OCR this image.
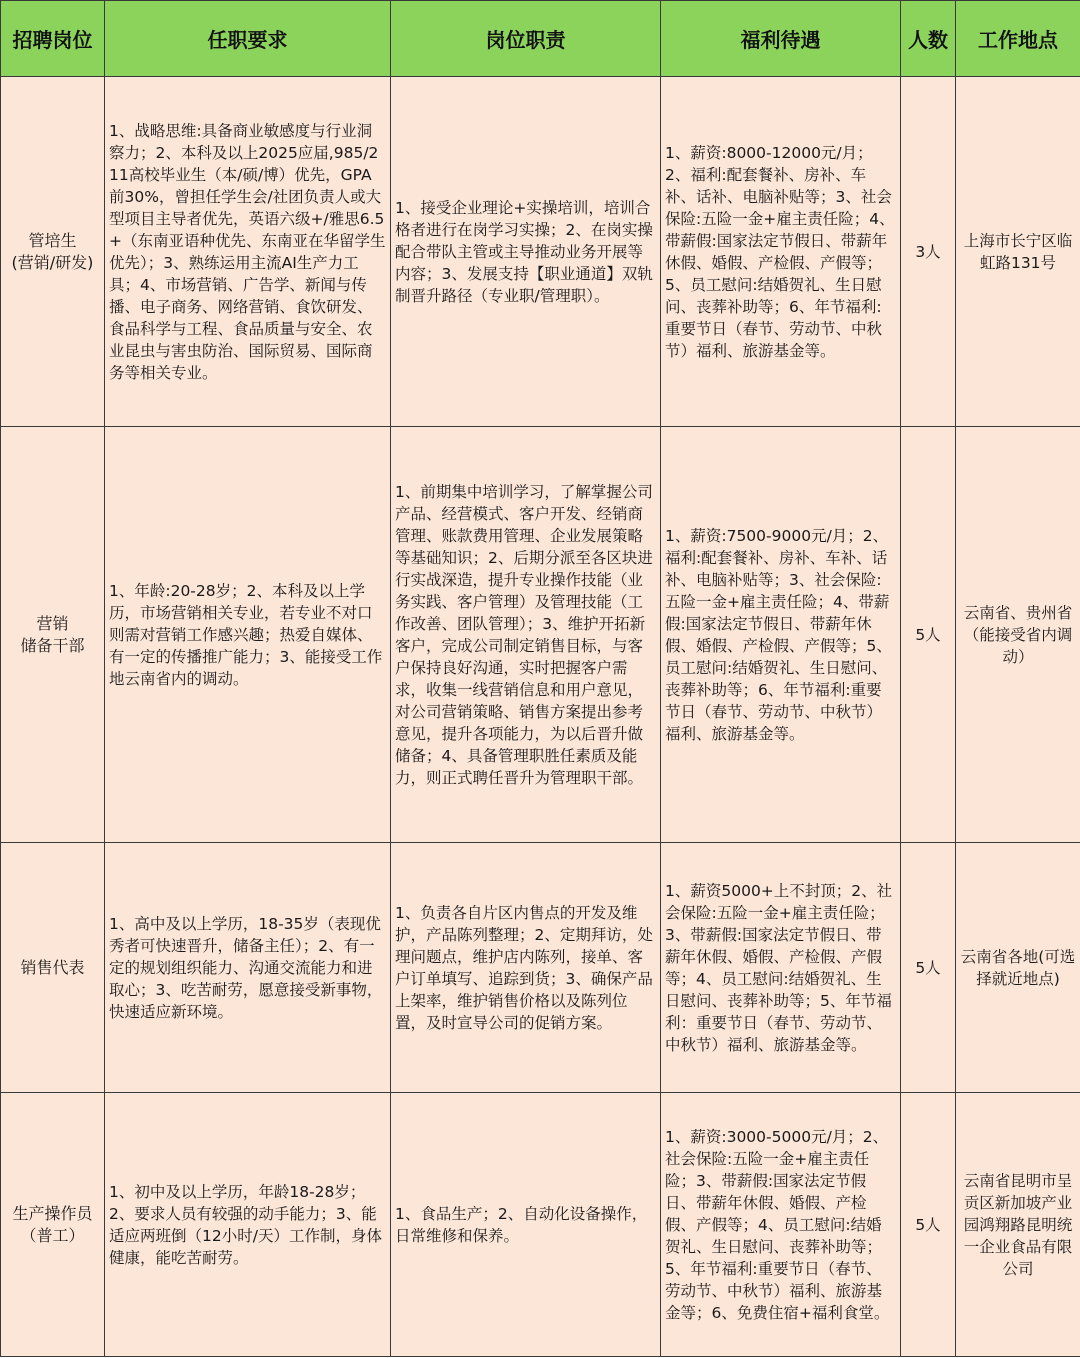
招聘岗位	任职要求	岗位职责	福利待遇	人数	工作地点

管培生
(营销/研发)	1、战略思维:具备商业敏感度与行业洞察力；2、本科及以上2025应届,985/211高校毕业生（本/硕/博）优先，GPA前30%，曾担任学生会/社团负责人或大型项目主导者优先，英语六级+/雅思6.5+（东南亚语种优先、东南亚在华留学生优先）；3、熟练运用主流AI生产力工具；4、市场营销、广告学、新闻与传播、电子商务、网络营销、食饮研发、食品科学与工程、食品质量与安全、农业昆虫与害虫防治、国际贸易、国际商务等相关专业。	1、接受企业理论+实操培训，培训合格者进行在岗学习实操；2、在岗实操配合带队主管或主导推动业务开展等内容；3、发展支持【职业通道】双轨制晋升路径（专业职/管理职）。	1、薪资:8000-12000元/月；2、福利:配套餐补、房补、车补、话补、电脑补贴等；3、社会保险:五险一金+雇主责任险；4、带薪假:国家法定节假日、带薪年休假、婚假、产检假、产假等；5、员工慰问:结婚贺礼、生日慰问、丧葬补助等；6、年节福利:重要节日（春节、劳动节、中秋节）福利、旅游基金等。	3人	上海市长宁区临虹路131号

营销
储备干部	1、年龄:20-28岁；2、本科及以上学历，市场营销相关专业，若专业不对口则需对营销工作感兴趣；热爱自媒体、有一定的传播推广能力；3、能接受工作地云南省内的调动。	1、前期集中培训学习，了解掌握公司产品、经营模式、客户开发、经销商管理、账款费用管理、企业发展策略等基础知识；2、后期分派至各区块进行实战深造，提升专业操作技能（业务实践、客户管理）及管理技能（工作改善、团队管理）；3、维护开拓新客户，完成公司制定销售目标，与客户保持良好沟通，实时把握客户需求，收集一线营销信息和用户意见，对公司营销策略、销售方案提出参考意见，提升各项能力，为以后晋升做储备；4、具备管理职胜任素质及能力，则正式聘任晋升为管理职干部。	1、薪资:7500-9000元/月；2、福利:配套餐补、房补、车补、话补、电脑补贴等；3、社会保险:五险一金+雇主责任险；4、带薪假:国家法定节假日、带薪年休假、婚假、产检假、产假等；5、员工慰问:结婚贺礼、生日慰问、丧葬补助等；6、年节福利:重要节日（春节、劳动节、中秋节）福利、旅游基金等。	5人	云南省、贵州省（能接受省内调动）

销售代表	1、高中及以上学历，18-35岁（表现优秀者可快速晋升，储备主任）；2、有一定的规划组织能力、沟通交流能力和进取心；3、吃苦耐劳，愿意接受新事物，快速适应新环境。	1、负责各自片区内售点的开发及维护，产品陈列整理；2、定期拜访，处理问题点，维护店内陈列，接单、客户订单填写、追踪到货；3、确保产品上架率，维护销售价格以及陈列位置，及时宣导公司的促销方案。	1、薪资5000+上不封顶；2、社会保险:五险一金+雇主责任险；3、带薪假:国家法定节假日、带薪年休假、婚假、产检假、产假等；4、员工慰问:结婚贺礼、生日慰问、丧葬补助等；5、年节福利：重要节日（春节、劳动节、中秋节）福利、旅游基金等。	5人	云南省各地(可选择就近地点)

生产操作员
（普工）	1、初中及以上学历，年龄18-28岁；2、要求人员有较强的动手能力；3、能适应两班倒（12小时/天）工作制，身体健康，能吃苦耐劳。	1、食品生产；2、自动化设备操作，日常维修和保养。	1、薪资:3000-5000元/月；2、社会保险:五险一金+雇主责任险；3、带薪假:国家法定节假日、带薪年休假、婚假、产检假、产假等；4、员工慰问:结婚贺礼、生日慰问、丧葬补助等；5、年节福利:重要节日（春节、劳动节、中秋节）福利、旅游基金等；6、免费住宿+福利食堂。	5人	云南省昆明市呈贡区新加坡产业园鸿翔路昆明统一企业食品有限公司
